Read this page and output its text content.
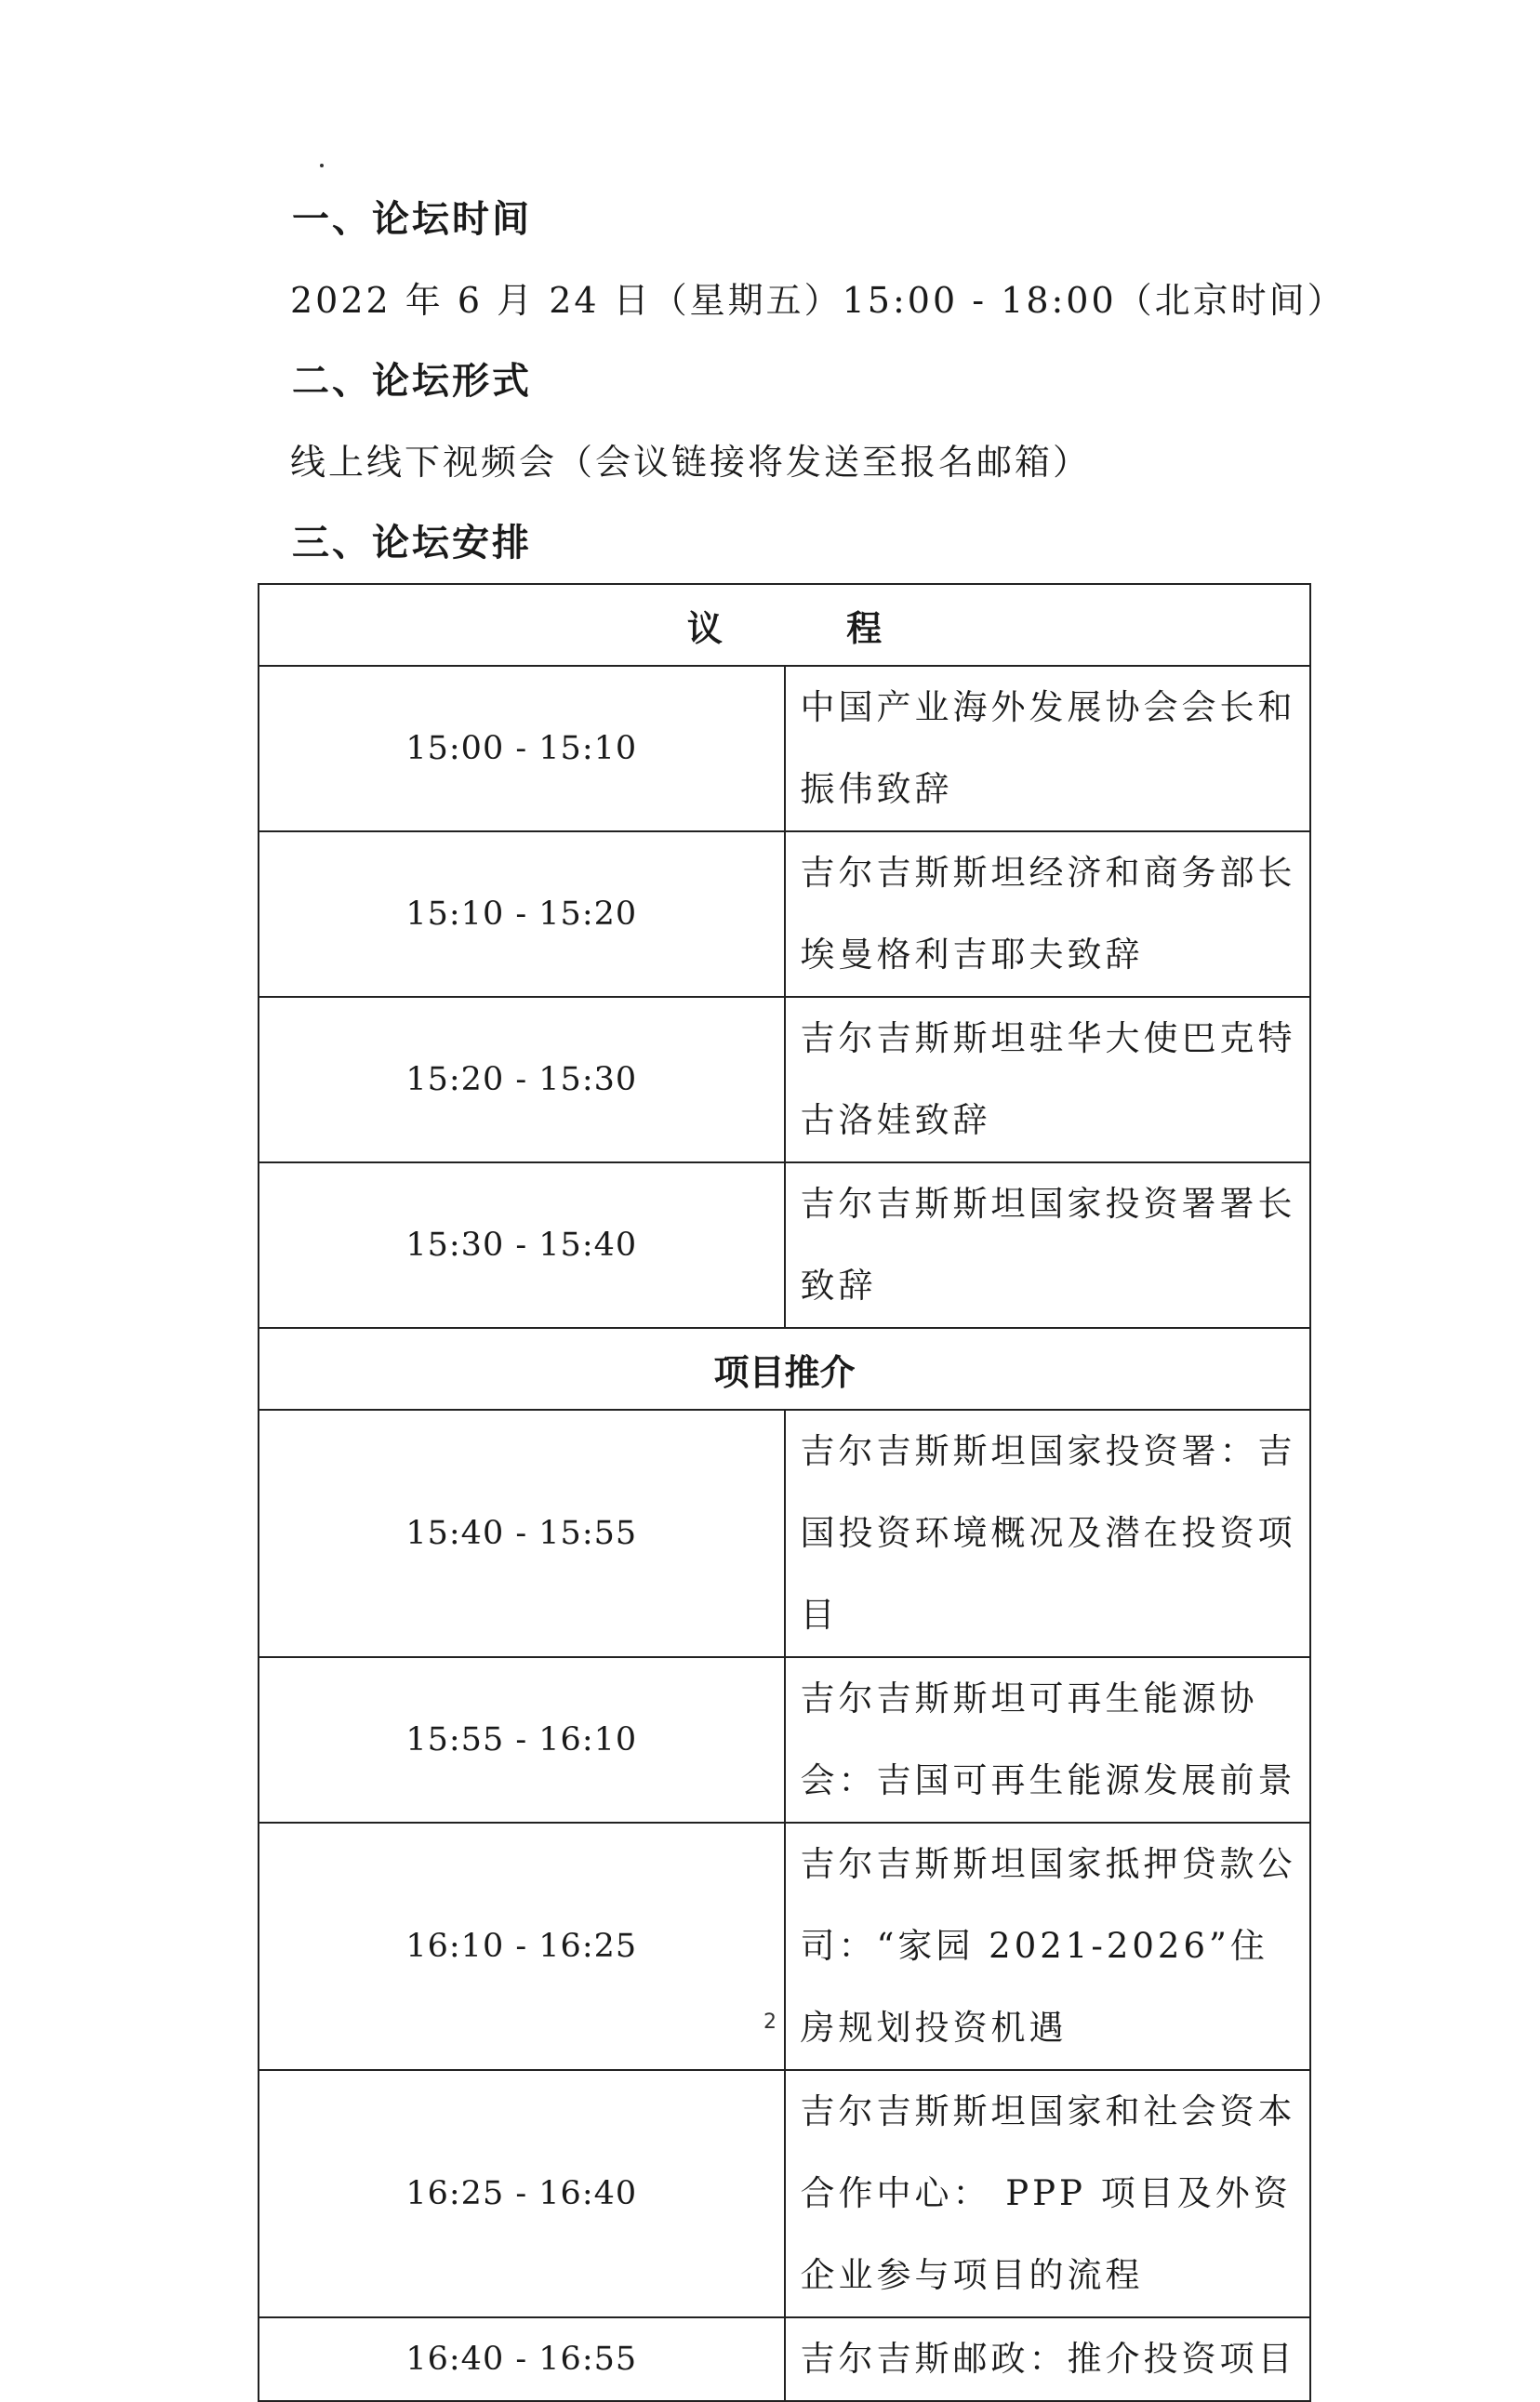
一、论坛时间
2022 年 6 月 24 日（星期五）15:00 - 18:00（北京时间）
二、论坛形式
线上线下视频会（会议链接将发送至报名邮箱）
三、论坛安排
议 程	
15:00 - 15:10	中国产业海外发展协会会长和振伟致辞
15:10 - 15:20	吉尔吉斯斯坦经济和商务部长埃曼格利吉耶夫致辞
15:20 - 15:30	吉尔吉斯斯坦驻华大使巴克特古洛娃致辞
15:30 - 15:40	吉尔吉斯斯坦国家投资署署长致辞
项目推介	
15:40 - 15:55	吉尔吉斯斯坦国家投资署：吉国投资环境概况及潜在投资项目
15:55 - 16:10	吉尔吉斯斯坦可再生能源协会：吉国可再生能源发展前景
16:10 - 16:25	吉尔吉斯斯坦国家抵押贷款公司：“家园 2021-2026”住房规划投资机遇
16:25 - 16:40	吉尔吉斯斯坦国家和社会资本合作中心： PPP 项目及外资企业参与项目的流程
16:40 - 16:55	吉尔吉斯邮政：推介投资项目
2
